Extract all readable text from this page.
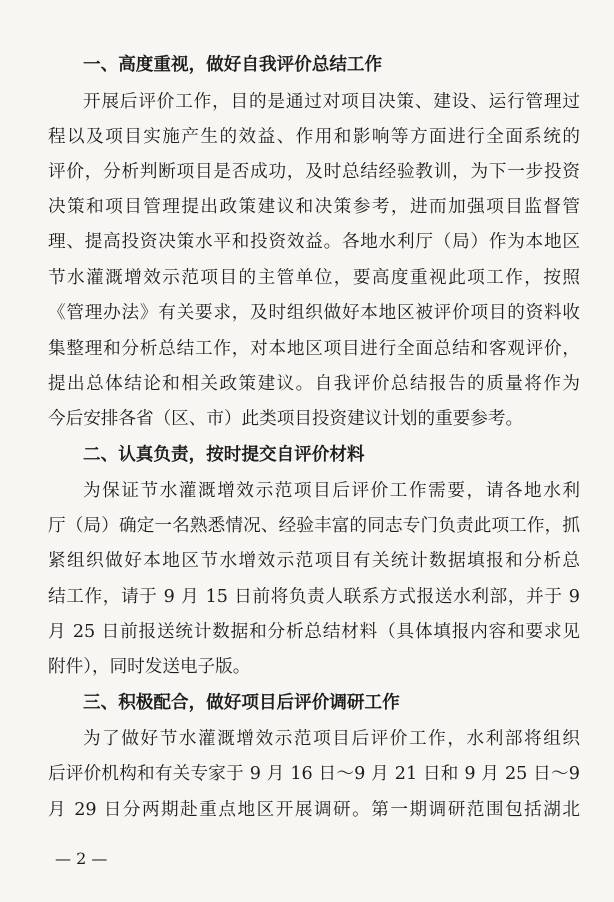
一、高度重视，做好自我评价总结工作
开展后评价工作，目的是通过对项目决策、建设、运行管理过
程以及项目实施产生的效益、作用和影响等方面进行全面系统的
评价，分析判断项目是否成功，及时总结经验教训，为下一步投资
决策和项目管理提出政策建议和决策参考，进而加强项目监督管
理、提高投资决策水平和投资效益。各地水利厅（局）作为本地区
节水灌溉增效示范项目的主管单位，要高度重视此项工作，按照
《管理办法》有关要求，及时组织做好本地区被评价项目的资料收
集整理和分析总结工作，对本地区项目进行全面总结和客观评价，
提出总体结论和相关政策建议。自我评价总结报告的质量将作为
今后安排各省（区、市）此类项目投资建议计划的重要参考。
二、认真负责，按时提交自评价材料
为保证节水灌溉增效示范项目后评价工作需要，请各地水利
厅（局）确定一名熟悉情况、经验丰富的同志专门负责此项工作，抓
紧组织做好本地区节水增效示范项目有关统计数据填报和分析总
结工作，请于 9 月 15 日前将负责人联系方式报送水利部，并于 9
月 25 日前报送统计数据和分析总结材料（具体填报内容和要求见
附件），同时发送电子版。
三、积极配合，做好项目后评价调研工作
为了做好节水灌溉增效示范项目后评价工作，水利部将组织
后评价机构和有关专家于 9 月 16 日～9 月 21 日和 9 月 25 日～9
月 29 日分两期赴重点地区开展调研。第一期调研范围包括湖北
— 2 —
